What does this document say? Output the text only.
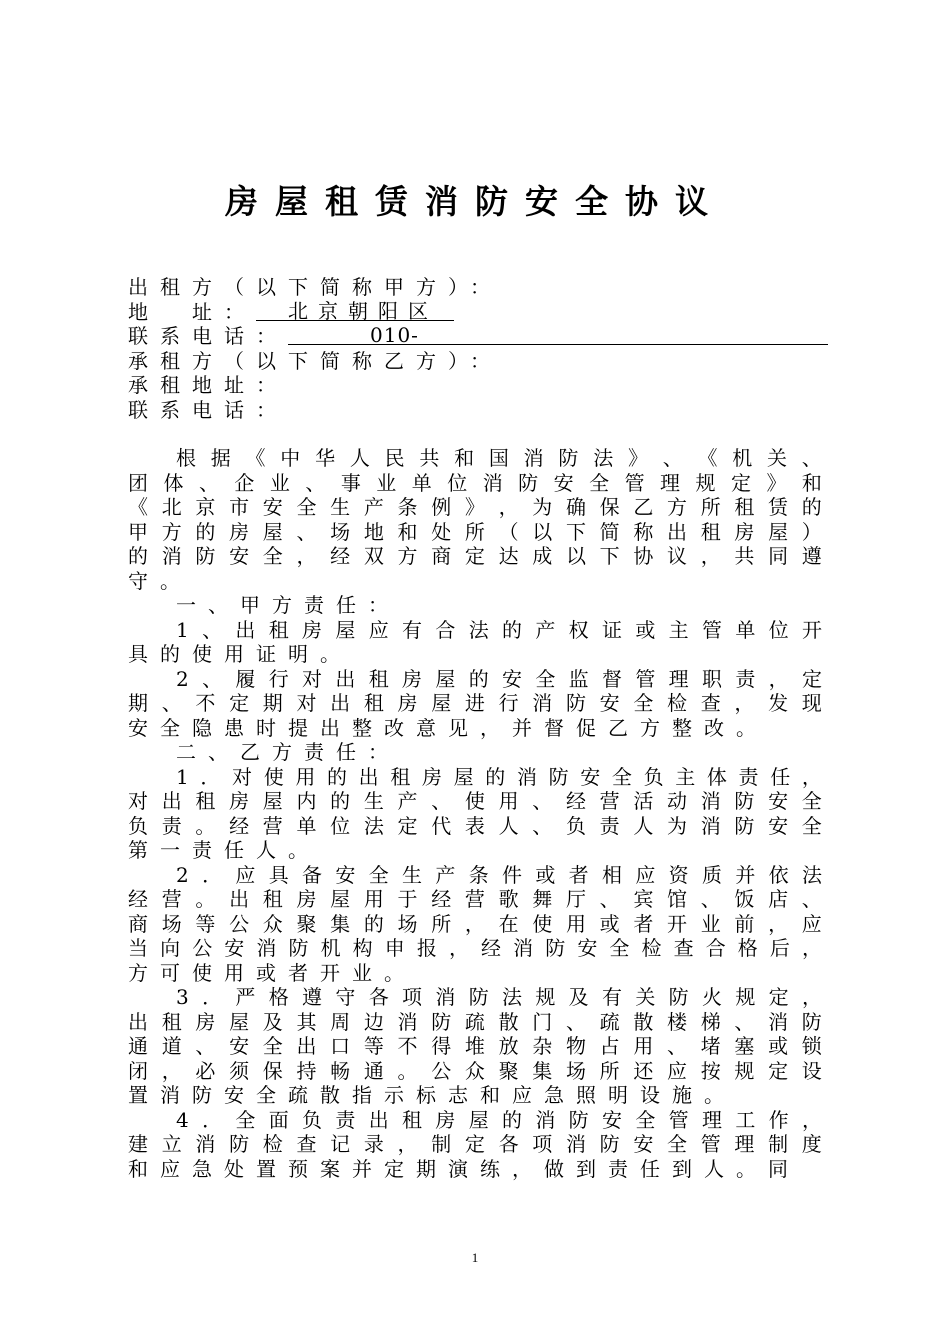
房屋租赁消防安全协议
出租方（以下简称甲方）：
地　址： 北京朝阳区
联系电话：	010-
承租方（以下简称乙方）：
承租地址：
联系电话：
根 据 《 中 华 人 民 共 和 国 消 防 法 》 、 《 机 关 、
团 体 、 企 业 、 事 业 单 位 消 防 安 全 管 理 规 定 》 和
《 北 京 市 安 全 生 产 条 例 》 ， 为 确 保 乙 方 所 租 赁 的
甲 方 的 房 屋 、 场 地 和 处 所 （ 以 下 简 称 出 租 房 屋 ）
的 消 防 安 全 ， 经 双 方 商 定 达 成 以 下 协 议 ， 共 同 遵
守。
一、甲方责任：
1 、 出 租 房 屋 应 有 合 法 的 产 权 证 或 主 管 单 位 开
具的使用证明。
2 、 履 行 对 出 租 房 屋 的 安 全 监 督 管 理 职 责 ， 定
期 、 不 定 期 对 出 租 房 屋 进 行 消 防 安 全 检 查 ， 发 现
安全隐患时提出整改意见，并督促乙方整改。
二、乙方责任：
1 ． 对 使 用 的 出 租 房 屋 的 消 防 安 全 负 主 体 责 任 ，
对 出 租 房 屋 内 的 生 产 、 使 用 、 经 营 活 动 消 防 安 全
负 责 。 经 营 单 位 法 定 代 表 人 、 负 责 人 为 消 防 安 全
第一责任人。
2 ． 应 具 备 安 全 生 产 条 件 或 者 相 应 资 质 并 依 法
经 营 。 出 租 房 屋 用 于 经 营 歌 舞 厅 、 宾 馆 、 饭 店 、
商 场 等 公 众 聚 集 的 场 所 ， 在 使 用 或 者 开 业 前 ， 应
当 向 公 安 消 防 机 构 申 报 ， 经 消 防 安 全 检 查 合 格 后 ，
方可使用或者开业。
3 ． 严 格 遵 守 各 项 消 防 法 规 及 有 关 防 火 规 定 ，
出 租 房 屋 及 其 周 边 消 防 疏 散 门 、 疏 散 楼 梯 、 消 防
通 道 、 安 全 出 口 等 不 得 堆 放 杂 物 占 用 、 堵 塞 或 锁
闭 ， 必 须 保 持 畅 通 。 公 众 聚 集 场 所 还 应 按 规 定 设
置消防安全疏散指示标志和应急照明设施。
4 ． 全 面 负 责 出 租 房 屋 的 消 防 安 全 管 理 工 作 ，
建 立 消 防 检 查 记 录 ， 制 定 各 项 消 防 安 全 管 理 制 度
和应急处置预案并定期演练，做到责任到人。同
1
